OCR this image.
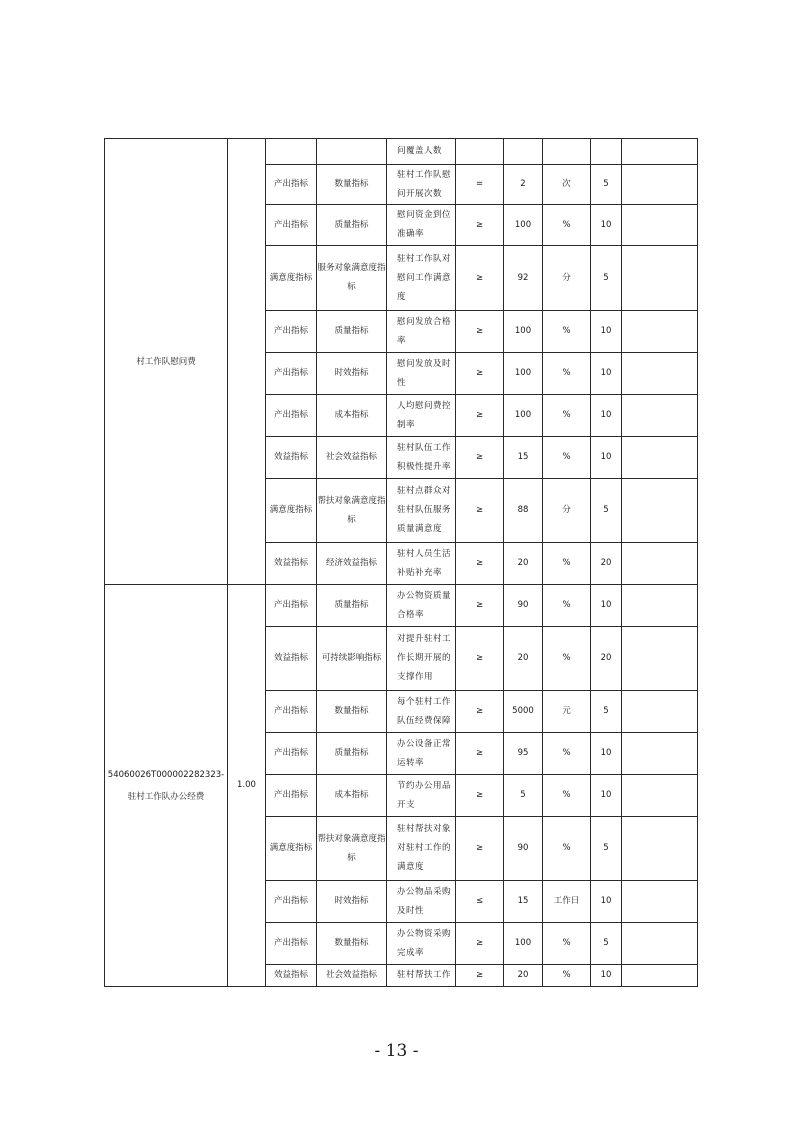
村工作队慰问费				问覆盖人数					
		产出指标	数量指标	驻村工作队慰问开展次数	=	2	次	5	
		产出指标	质量指标	慰问资金到位准确率	≥	100	%	10	
		满意度指标	服务对象满意度指标	驻村工作队对慰问工作满意度	≥	92	分	5	
		产出指标	质量指标	慰问发放合格率	≥	100	%	10	
		产出指标	时效指标	慰问发放及时性	≥	100	%	10	
		产出指标	成本指标	人均慰问费控制率	≥	100	%	10	
		效益指标	社会效益指标	驻村队伍工作积极性提升率	≥	15	%	10	
		满意度指标	帮扶对象满意度指标	驻村点群众对驻村队伍服务质量满意度	≥	88	分	5	
		效益指标	经济效益指标	驻村人员生活补贴补充率	≥	20	%	20	
54060026T000002282323-驻村工作队办公经费	1.00	产出指标	质量指标	办公物资质量合格率	≥	90	%	10	
		效益指标	可持续影响指标	对提升驻村工作长期开展的支撑作用	≥	20	%	20	
		产出指标	数量指标	每个驻村工作队伍经费保障	≥	5000	元	5	
		产出指标	质量指标	办公设备正常运转率	≥	95	%	10	
		产出指标	成本指标	节约办公用品开支	≥	5	%	10	
		满意度指标	帮扶对象满意度指标	驻村帮扶对象对驻村工作的满意度	≥	90	%	5	
		产出指标	时效指标	办公物品采购及时性	≤	15	工作日	10	
		产出指标	数量指标	办公物资采购完成率	≥	100	%	5	
		效益指标	社会效益指标	驻村帮扶工作	≥	20	%	10	
- 13 -
